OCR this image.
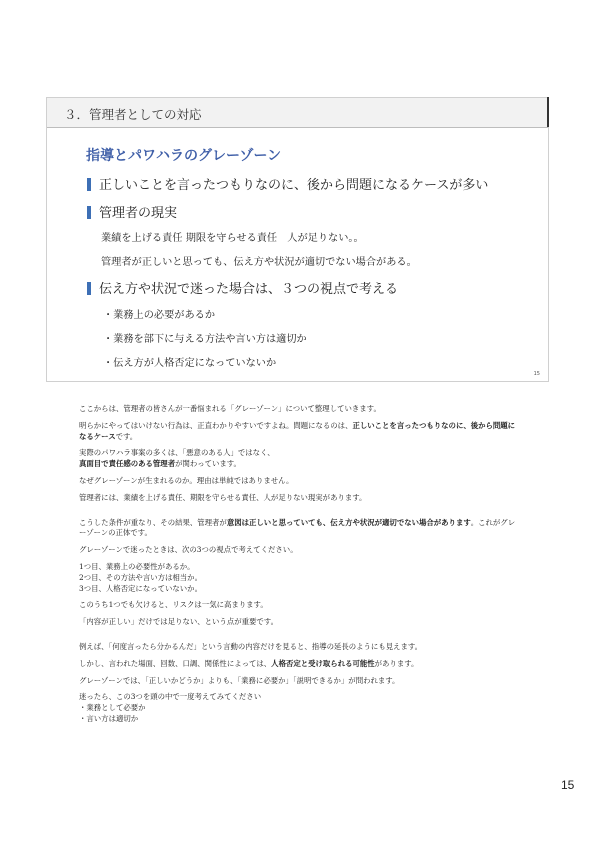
３．管理者としての対応
指導とパワハラのグレーゾーン
正しいことを言ったつもりなのに、後から問題になるケースが多い
管理者の現実
業績を上げる責任 期限を守らせる責任　人が足りない。。
管理者が正しいと思っても、伝え方や状況が適切でない場合がある。
伝え方や状況で迷った場合は、３つの視点で考える
・業務上の必要があるか
・業務を部下に与える方法や言い方は適切か
・伝え方が人格否定になっていないか
15

ここからは、管理者の皆さんが一番悩まれる「グレーゾーン」について整理していきます。

明らかにやってはいけない行為は、正直わかりやすいですよね。問題になるのは、正しいことを言ったつもりなのに、後から問題になるケースです。

実際のパワハラ事案の多くは、「悪意のある人」ではなく、
真面目で責任感のある管理者が関わっています。

なぜグレーゾーンが生まれるのか。理由は単純ではありません。

管理者には、業績を上げる責任、期限を守らせる責任、人が足りない現実があります。

こうした条件が重なり、その結果、管理者が意図は正しいと思っていても、伝え方や状況が適切でない場合があります。これがグレーゾーンの正体です。

グレーゾーンで迷ったときは、次の3つの視点で考えてください。

1つ目、業務上の必要性があるか。
2つ目、その方法や言い方は相当か。
3つ目、人格否定になっていないか。

このうち1つでも欠けると、リスクは一気に高まります。

「内容が正しい」だけでは足りない、という点が重要です。

例えば、「何度言ったら分かるんだ」という言動の内容だけを見ると、指導の延長のようにも見えます。

しかし、言われた場面、回数、口調、関係性によっては、人格否定と受け取られる可能性があります。

グレーゾーンでは、「正しいかどうか」よりも、「業務に必要か」「説明できるか」が問われます。

迷ったら、この3つを頭の中で一度考えてみてください
・業務として必要か
・言い方は適切か

15
